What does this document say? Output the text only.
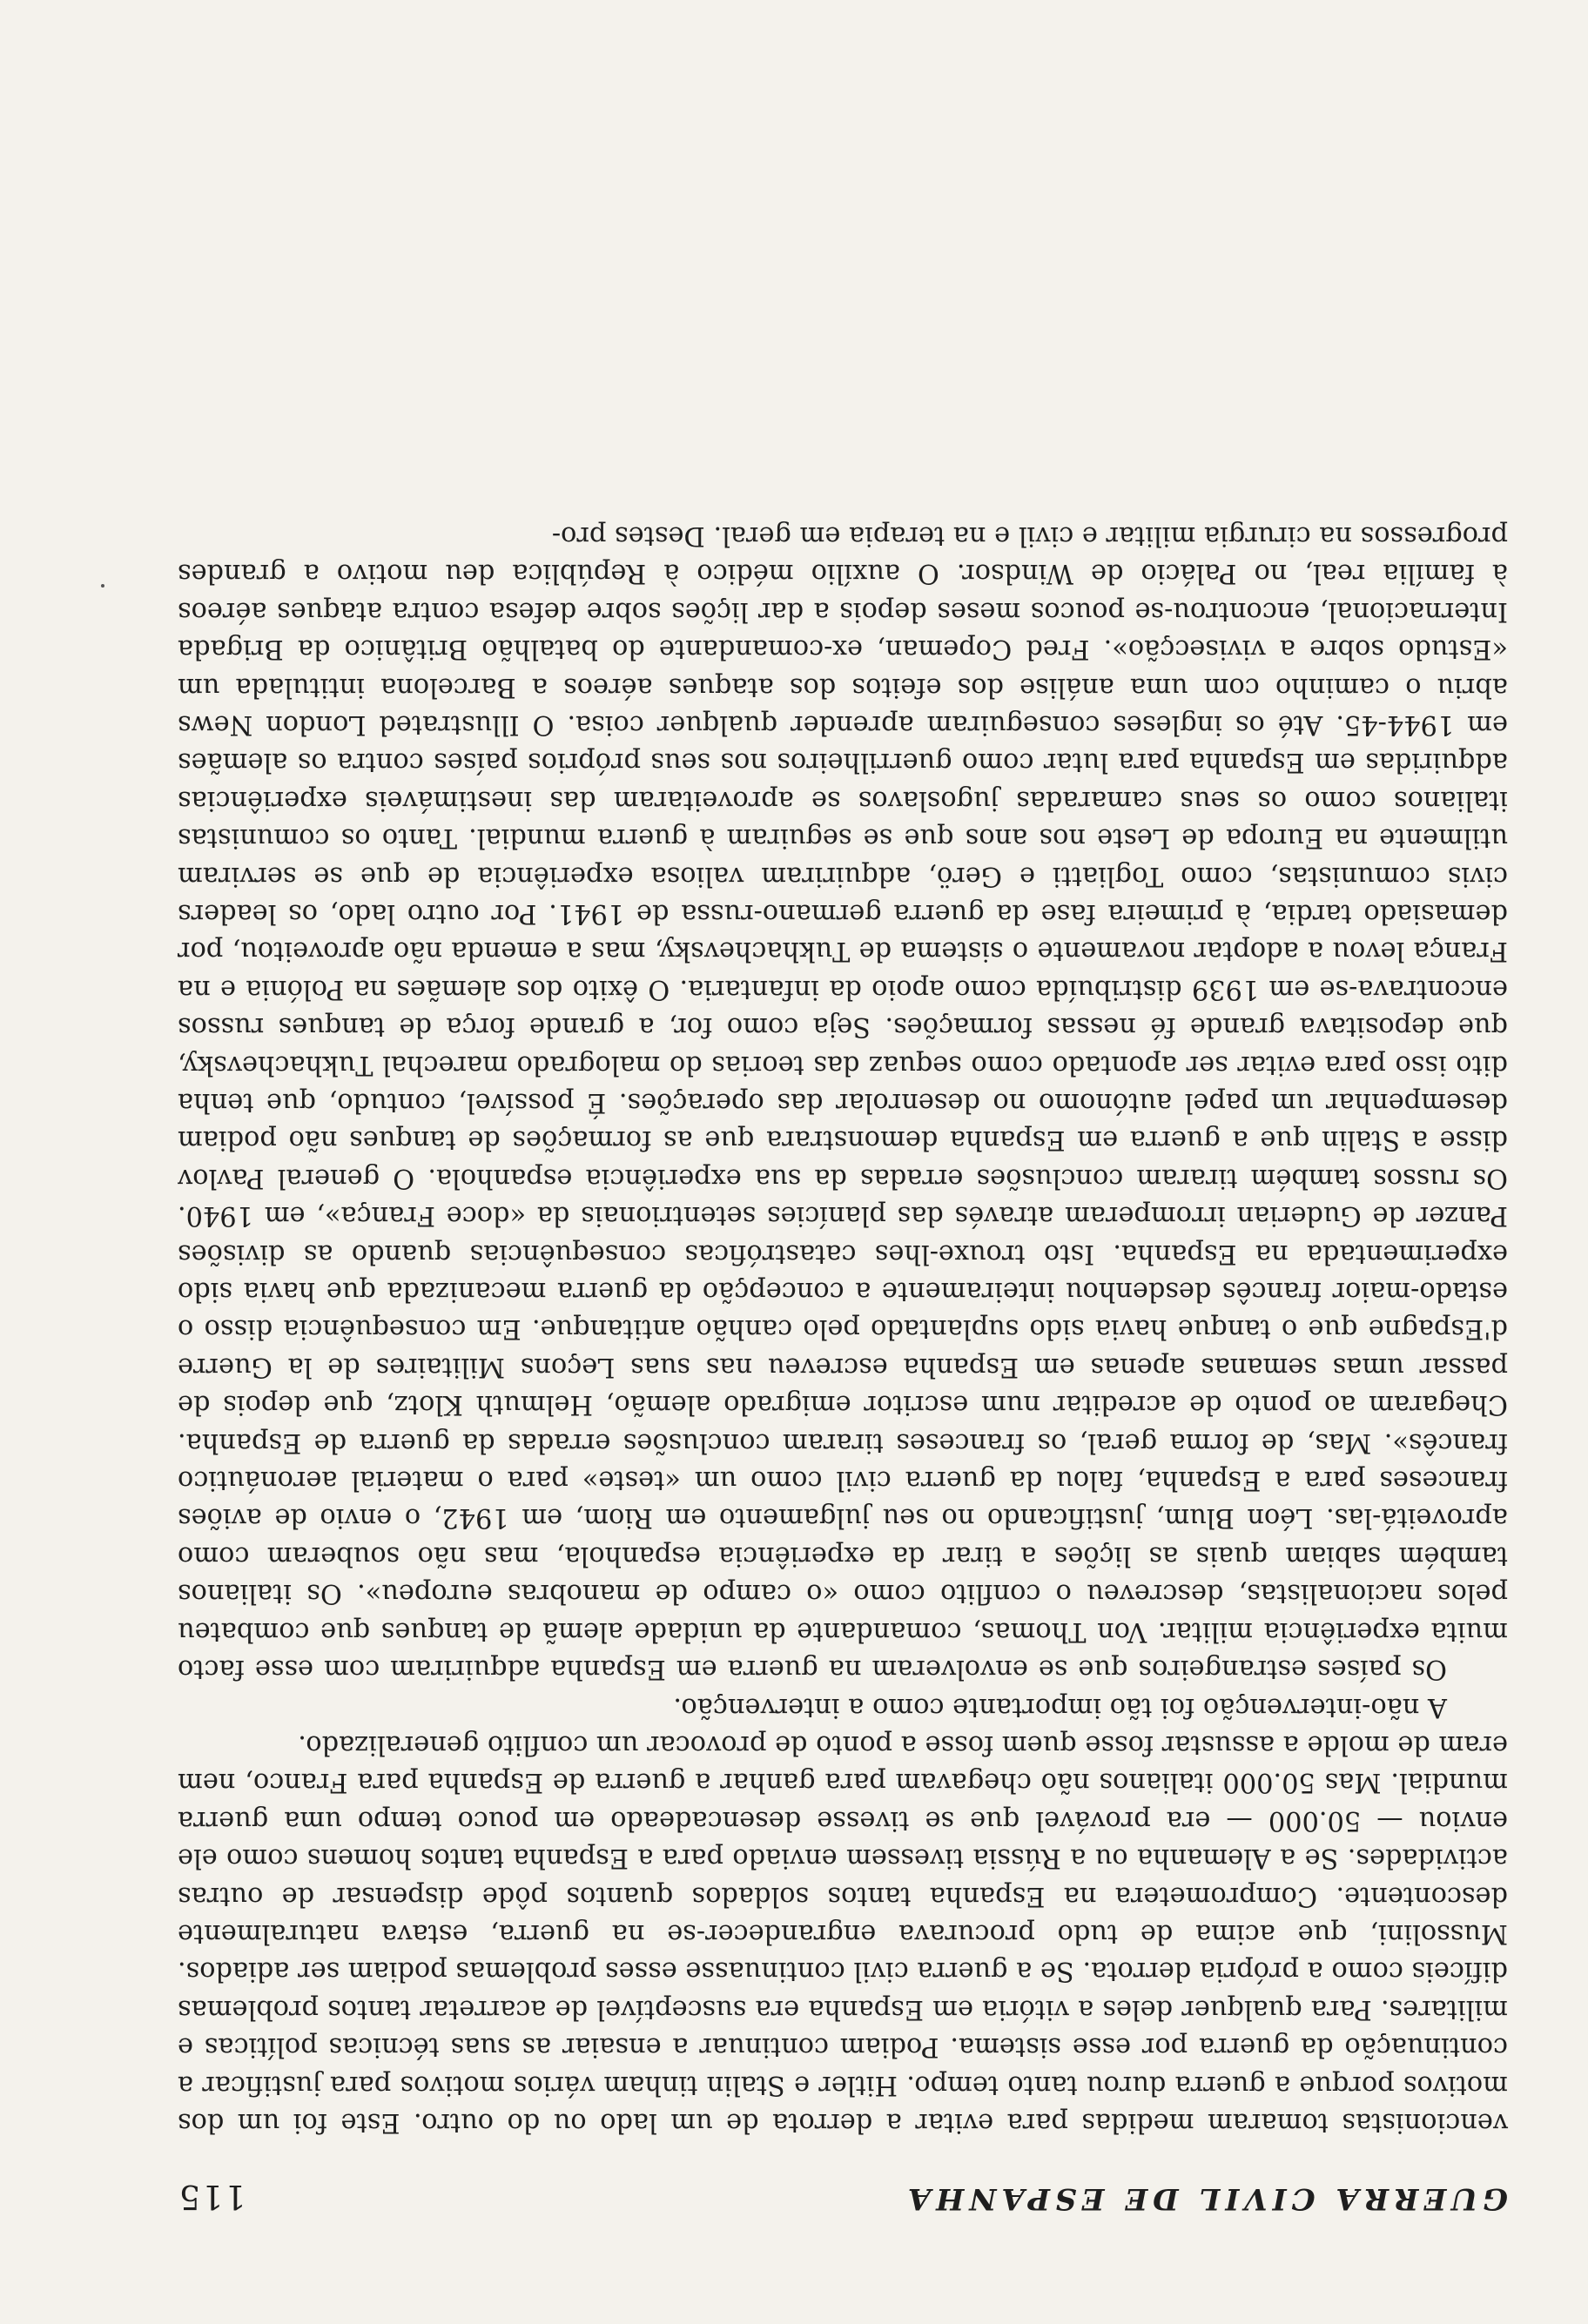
GUERRA CIVIL DE ESPANHA
115

vencionistas tomaram medidas para evitar a derrota de um lado ou do outro. Este foi um dos motivos porque a guerra durou tanto tempo. Hitler e Stalin tinham vários motivos para justificar a continuação da guerra por esse sistema. Podiam continuar a ensaiar as suas técnicas políticas e militares. Para qualquer deles a vitória em Espanha era susceptível de acarretar tantos problemas difíceis como a própria derrota. Se a guerra civil continuasse esses problemas podiam ser adiados. Mussolini, que acima de tudo procurava engrandecer-se na guerra, estava naturalmente descontente. Comprometera na Espanha tantos soldados quantos pôde dispensar de outras actividades. Se a Alemanha ou a Rússia tivessem enviado para a Espanha tantos homens como ele enviou — 50.000 — era provável que se tivesse desencadeado em pouco tempo uma guerra mundial. Mas 50.000 italianos não chegavam para ganhar a guerra de Espanha para Franco, nem eram de molde a assustar fosse quem fosse a ponto de provocar um conflito generalizado.

A não-intervenção foi tão importante como a intervenção.

Os países estrangeiros que se envolveram na guerra em Espanha adquiriram com esse facto muita experiência militar. Von Thomas, comandante da unidade alemã de tanques que combateu pelos nacionalistas, descreveu o conflito como «o campo de manobras europeu». Os italianos também sabiam quais as lições a tirar da experiência espanhola, mas não souberam como aproveitá-las. Léon Blum, justificando no seu julgamento em Riom, em 1942, o envio de aviões franceses para a Espanha, falou da guerra civil como um «teste» para o material aeronáutico francês». Mas, de forma geral, os franceses tiraram conclusões erradas da guerra de Espanha. Chegaram ao ponto de acreditar num escritor emigrado alemão, Helmuth Klotz, que depois de passar umas semanas apenas em Espanha escreveu nas suas Leçons Militaires de la Guerre d'Espagne que o tanque havia sido suplantado pelo canhão antitanque. Em consequência disso o estado-maior francês desdenhou inteiramente a concepção da guerra mecanizada que havia sido experimentada na Espanha. Isto trouxe-lhes catastróficas consequências quando as divisões Panzer de Guderian irromperam através das planícies setentrionais da «doce França», em 1940. Os russos também tiraram conclusões erradas da sua experiência espanhola. O general Pavlov disse a Stalin que a guerra em Espanha demonstrara que as formações de tanques não podiam desempenhar um papel autónomo no desenrolar das operações. É possível, contudo, que tenha dito isso para evitar ser apontado como sequaz das teorias do malogrado marechal Tukhachevsky, que depositava grande fé nessas formações. Seja como for, a grande força de tanques russos encontrava-se em 1939 distribuída como apoio da infantaria. O êxito dos alemães na Polónia e na França levou a adoptar novamente o sistema de Tukhachevsky, mas a emenda não aproveitou, por demasiado tardia, à primeira fase da guerra germano-russa de 1941. Por outro lado, os leaders civis comunistas, como Togliatti e Gerö, adquiriram valiosa experiência de que se serviram utilmente na Europa de Leste nos anos que se seguiram à guerra mundial. Tanto os comunistas italianos como os seus camaradas jugoslavos se aproveitaram das inestimáveis experiências adquiridas em Espanha para lutar como guerrilheiros nos seus próprios países contra os alemães em 1944-45. Até os ingleses conseguiram aprender qualquer coisa. O Illustrated London News abriu o caminho com uma análise dos efeitos dos ataques aéreos a Barcelona intitulada um «Estudo sobre a vivisecção». Fred Copeman, ex-comandante do batalhão Britânico da Brigada Internacional, encontrou-se poucos meses depois a dar lições sobre defesa contra ataques aéreos à família real, no Palácio de Windsor. O auxílio médico à República deu motivo a grandes progressos na cirurgia militar e civil e na terapia em geral. Destes pro-
